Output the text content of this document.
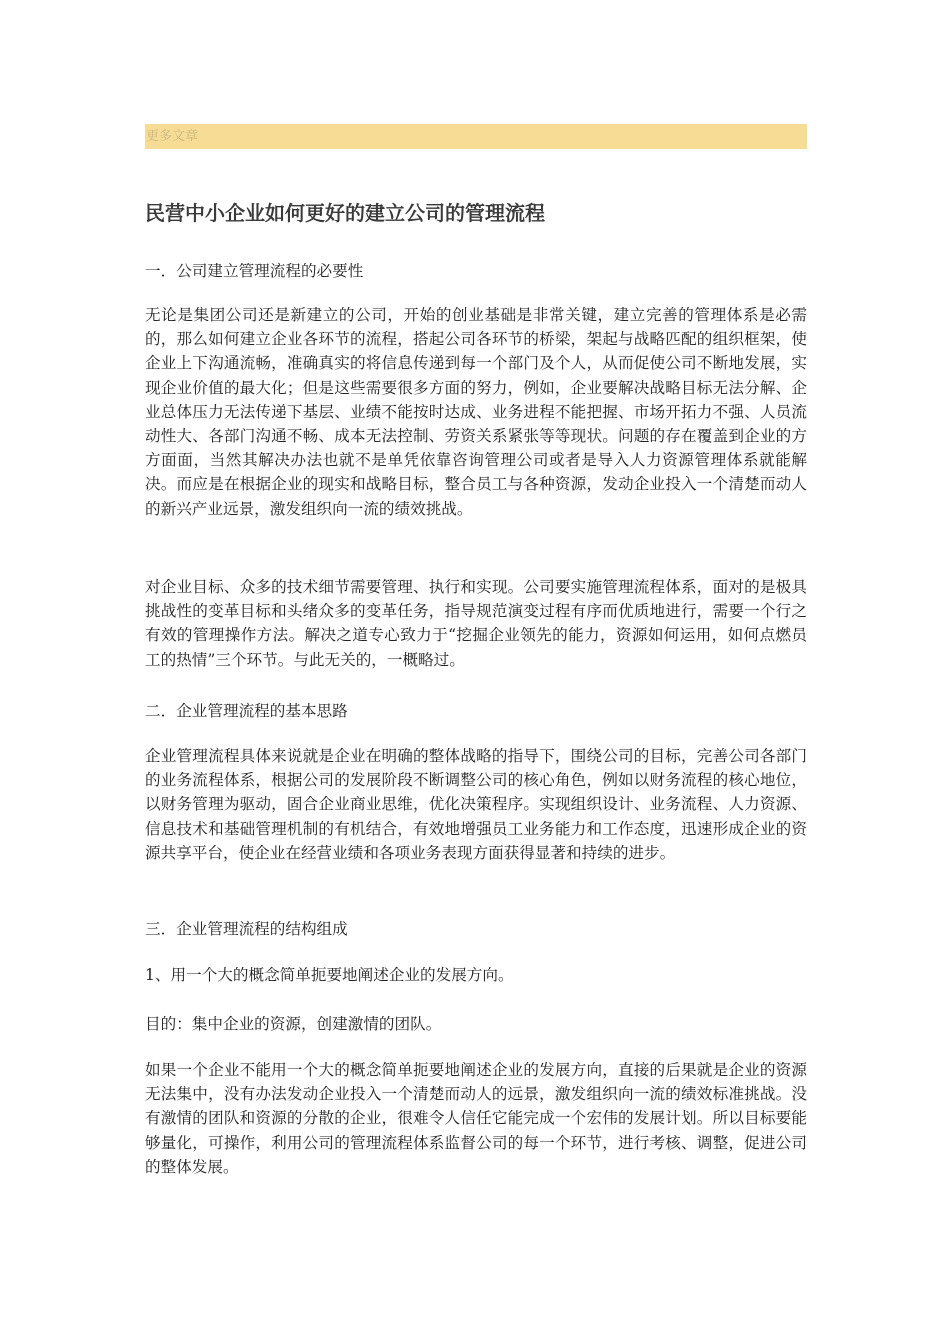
更多文章
民营中小企业如何更好的建立公司的管理流程

一．公司建立管理流程的必要性

无论是集团公司还是新建立的公司，开始的创业基础是非常关键，建立完善的管理体系是必需的，那么如何建立企业各环节的流程，搭起公司各环节的桥梁，架起与战略匹配的组织框架，使企业上下沟通流畅，准确真实的将信息传递到每一个部门及个人，从而促使公司不断地发展，实现企业价值的最大化；但是这些需要很多方面的努力，例如，企业要解决战略目标无法分解、企业总体压力无法传递下基层、业绩不能按时达成、业务进程不能把握、市场开拓力不强、人员流动性大、各部门沟通不畅、成本无法控制、劳资关系紧张等等现状。问题的存在覆盖到企业的方方面面，当然其解决办法也就不是单凭依靠咨询管理公司或者是导入人力资源管理体系就能解决。而应是在根据企业的现实和战略目标，整合员工与各种资源，发动企业投入一个清楚而动人的新兴产业远景，激发组织向一流的绩效挑战。

对企业目标、众多的技术细节需要管理、执行和实现。公司要实施管理流程体系，面对的是极具挑战性的变革目标和头绪众多的变革任务，指导规范演变过程有序而优质地进行，需要一个行之有效的管理操作方法。解决之道专心致力于“挖掘企业领先的能力，资源如何运用，如何点燃员工的热情”三个环节。与此无关的，一概略过。

二．企业管理流程的基本思路

企业管理流程具体来说就是企业在明确的整体战略的指导下，围绕公司的目标，完善公司各部门的业务流程体系，根据公司的发展阶段不断调整公司的核心角色，例如以财务流程的核心地位，以财务管理为驱动，固合企业商业思维，优化决策程序。实现组织设计、业务流程、人力资源、信息技术和基础管理机制的有机结合，有效地增强员工业务能力和工作态度，迅速形成企业的资源共享平台，使企业在经营业绩和各项业务表现方面获得显著和持续的进步。

三．企业管理流程的结构组成

1、用一个大的概念简单扼要地阐述企业的发展方向。

目的：集中企业的资源，创建激情的团队。

如果一个企业不能用一个大的概念简单扼要地阐述企业的发展方向，直接的后果就是企业的资源无法集中，没有办法发动企业投入一个清楚而动人的远景，激发组织向一流的绩效标准挑战。没有激情的团队和资源的分散的企业，很难令人信任它能完成一个宏伟的发展计划。所以目标要能够量化，可操作，利用公司的管理流程体系监督公司的每一个环节，进行考核、调整，促进公司的整体发展。
